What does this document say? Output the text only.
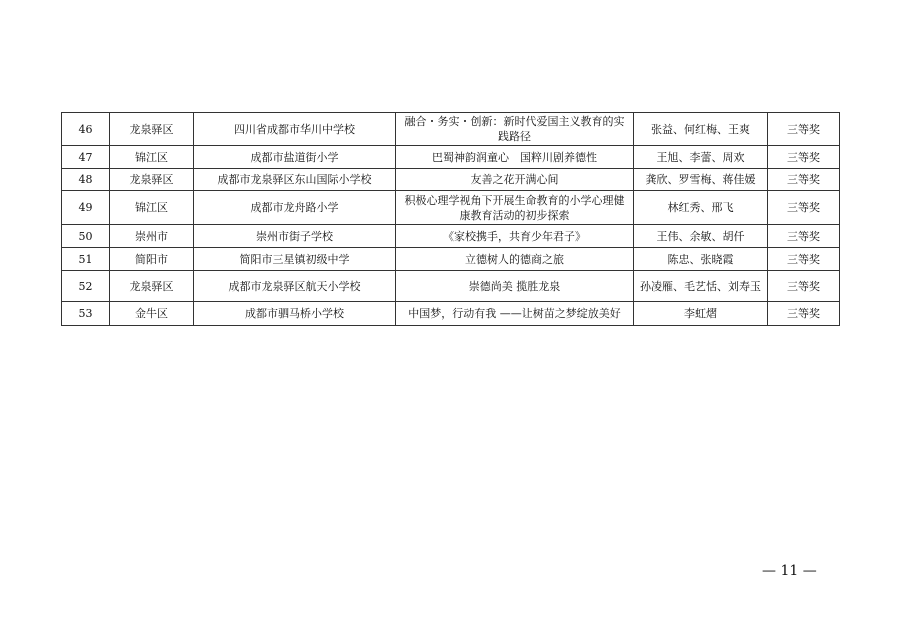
46	龙泉驿区	四川省成都市华川中学校	融合・务实・创新：新时代爱国主义教育的实践路径	张益、何红梅、王爽	三等奖
47	锦江区	成都市盐道街小学	巴蜀神韵润童心　国粹川剧养德性	王旭、李蕾、周欢	三等奖
48	龙泉驿区	成都市龙泉驿区东山国际小学校	友善之花开满心间	龚欣、罗雪梅、蒋佳媛	三等奖
49	锦江区	成都市龙舟路小学	积极心理学视角下开展生命教育的小学心理健康教育活动的初步探索	林红秀、邢飞	三等奖
50	崇州市	崇州市街子学校	《家校携手，共育少年君子》	王伟、余敏、胡仟	三等奖
51	简阳市	简阳市三星镇初级中学	立德树人的德商之旅	陈忠、张晓霞	三等奖
52	龙泉驿区	成都市龙泉驿区航天小学校	崇德尚美 揽胜龙泉	孙凌雁、毛艺恬、刘寿玉	三等奖
53	金牛区	成都市驷马桥小学校	中国梦，行动有我 ——让树苗之梦绽放美好	李虹熠	三等奖
— 11 —
